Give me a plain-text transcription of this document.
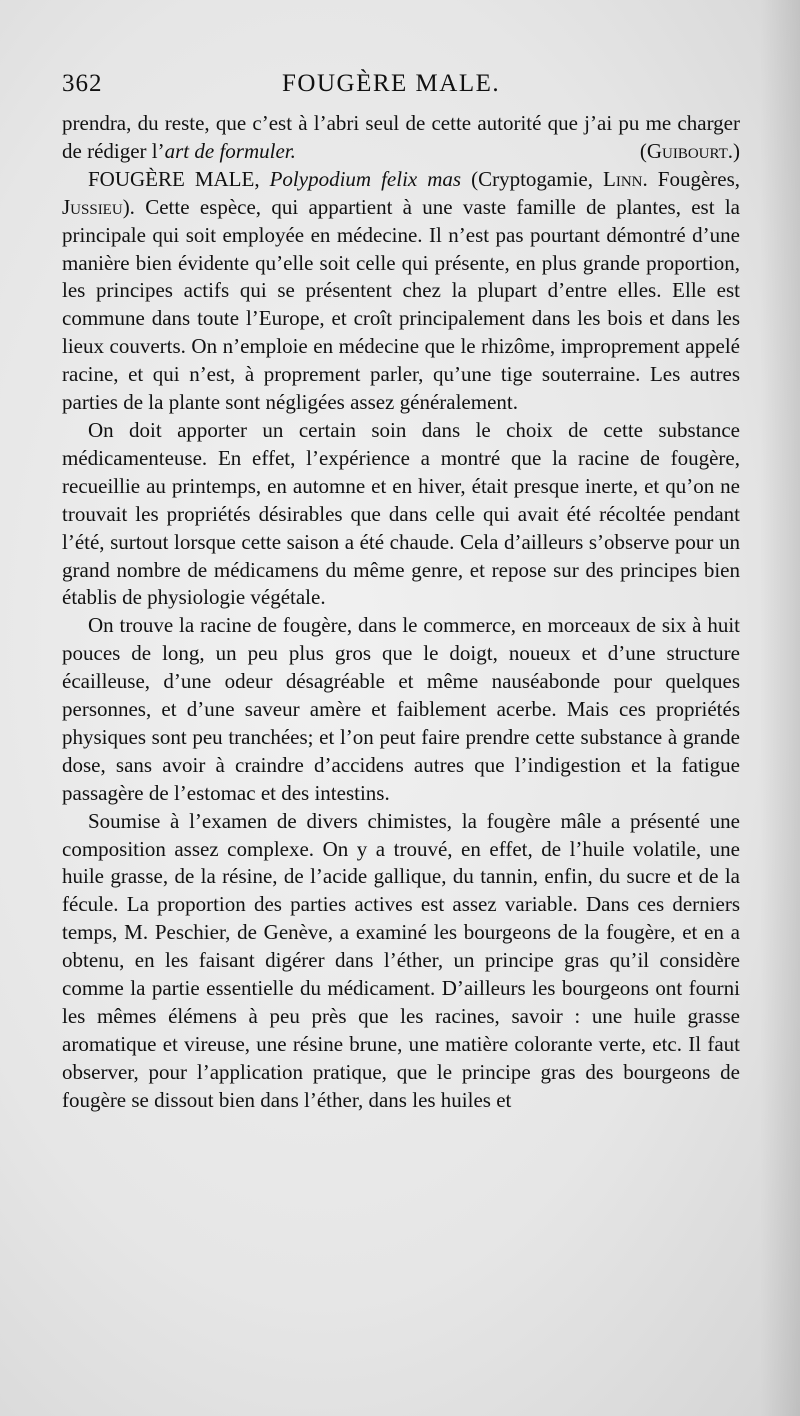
362	FOUGÈRE MALE.

prendra, du reste, que c’est à l’abri seul de cette autorité que j’ai pu me charger de rédiger l’art de formuler.	(Guibourt.)

FOUGÈRE MALE, Polypodium felix mas (Cryptogamie, Linn. Fougères, Jussieu). Cette espèce, qui appartient à une vaste famille de plantes, est la principale qui soit employée en médecine. Il n’est pas pourtant démontré d’une manière bien évidente qu’elle soit celle qui présente, en plus grande proportion, les principes actifs qui se présentent chez la plupart d’entre elles. Elle est commune dans toute l’Europe, et croît principalement dans les bois et dans les lieux couverts. On n’emploie en médecine que le rhizôme, improprement appelé racine, et qui n’est, à proprement parler, qu’une tige souterraine. Les autres parties de la plante sont négligées assez généralement.

On doit apporter un certain soin dans le choix de cette substance médicamenteuse. En effet, l’expérience a montré que la racine de fougère, recueillie au printemps, en automne et en hiver, était presque inerte, et qu’on ne trouvait les propriétés désirables que dans celle qui avait été récoltée pendant l’été, surtout lorsque cette saison a été chaude. Cela d’ailleurs s’observe pour un grand nombre de médicamens du même genre, et repose sur des principes bien établis de physiologie végétale.

On trouve la racine de fougère, dans le commerce, en morceaux de six à huit pouces de long, un peu plus gros que le doigt, noueux et d’une structure écailleuse, d’une odeur désagréable et même nauséabonde pour quelques personnes, et d’une saveur amère et faiblement acerbe. Mais ces propriétés physiques sont peu tranchées; et l’on peut faire prendre cette substance à grande dose, sans avoir à craindre d’accidens autres que l’indigestion et la fatigue passagère de l’estomac et des intestins.

Soumise à l’examen de divers chimistes, la fougère mâle a présenté une composition assez complexe. On y a trouvé, en effet, de l’huile volatile, une huile grasse, de la résine, de l’acide gallique, du tannin, enfin, du sucre et de la fécule. La proportion des parties actives est assez variable. Dans ces derniers temps, M. Peschier, de Genève, a examiné les bourgeons de la fougère, et en a obtenu, en les faisant digérer dans l’éther, un principe gras qu’il considère comme la partie essentielle du médicament. D’ailleurs les bourgeons ont fourni les mêmes élémens à peu près que les racines, savoir : une huile grasse aromatique et vireuse, une résine brune, une matière colorante verte, etc. Il faut observer, pour l’application pratique, que le principe gras des bourgeons de fougère se dissout bien dans l’éther, dans les huiles et
